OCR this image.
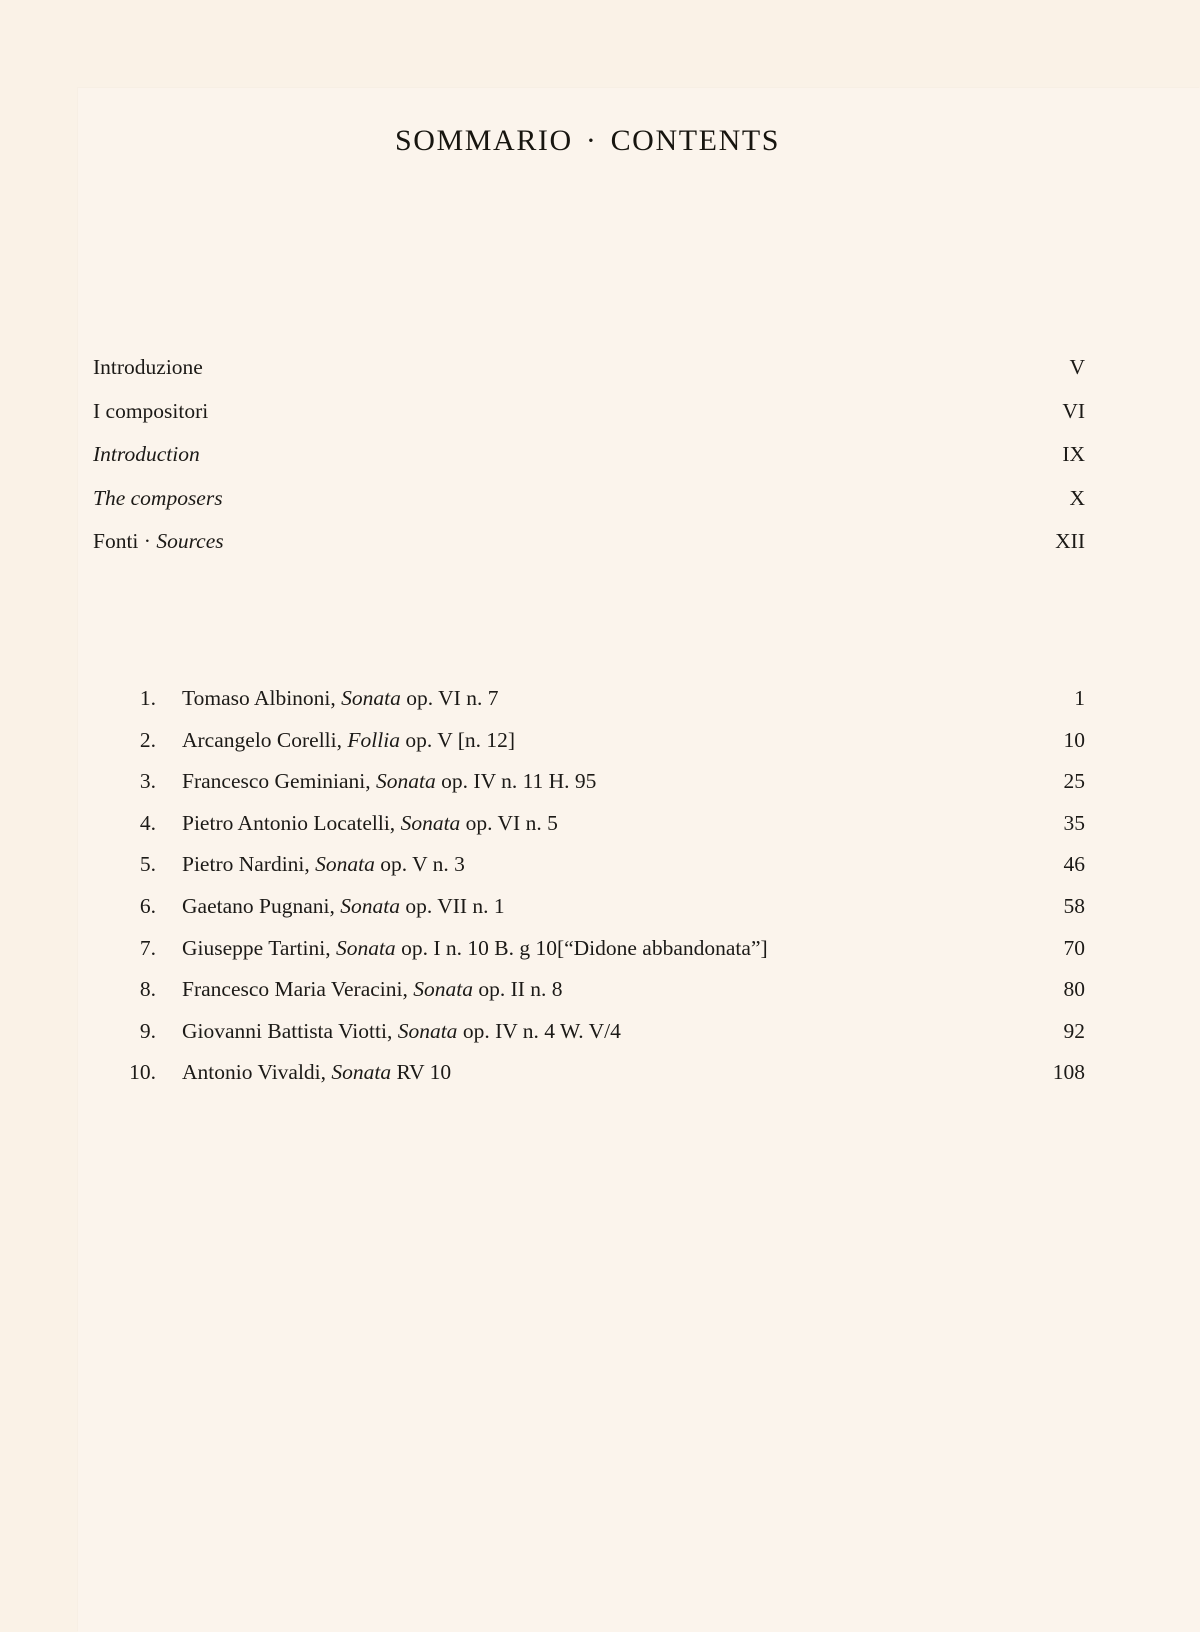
SOMMARIO · CONTENTS
Introduzione	V
I compositori	VI
Introduction	IX
The composers	X
Fonti · Sources	XII
1. Tomaso Albinoni, Sonata op. VI n. 7	1
2. Arcangelo Corelli, Follia op. V [n. 12]	10
3. Francesco Geminiani, Sonata op. IV n. 11 H. 95	25
4. Pietro Antonio Locatelli, Sonata op. VI n. 5	35
5. Pietro Nardini, Sonata op. V n. 3	46
6. Gaetano Pugnani, Sonata op. VII n. 1	58
7. Giuseppe Tartini, Sonata op. I n. 10 B. g 10[“Didone abbandonata”]	70
8. Francesco Maria Veracini, Sonata op. II n. 8	80
9. Giovanni Battista Viotti, Sonata op. IV n. 4 W. V/4	92
10. Antonio Vivaldi, Sonata RV 10	108
